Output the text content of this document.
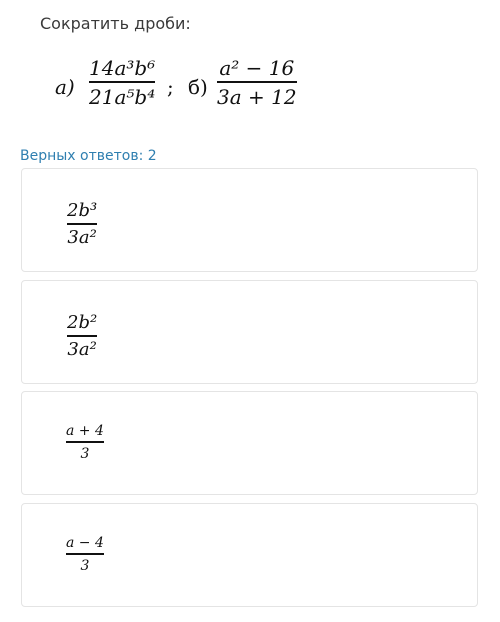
Сократить дроби:
а)
14a³b⁶
21a⁵b⁴ ; б)
a² − 16
3a + 12
Верных ответов: 2
2b³
3a²
2b²
3a²
a + 4
3
a − 4
3
